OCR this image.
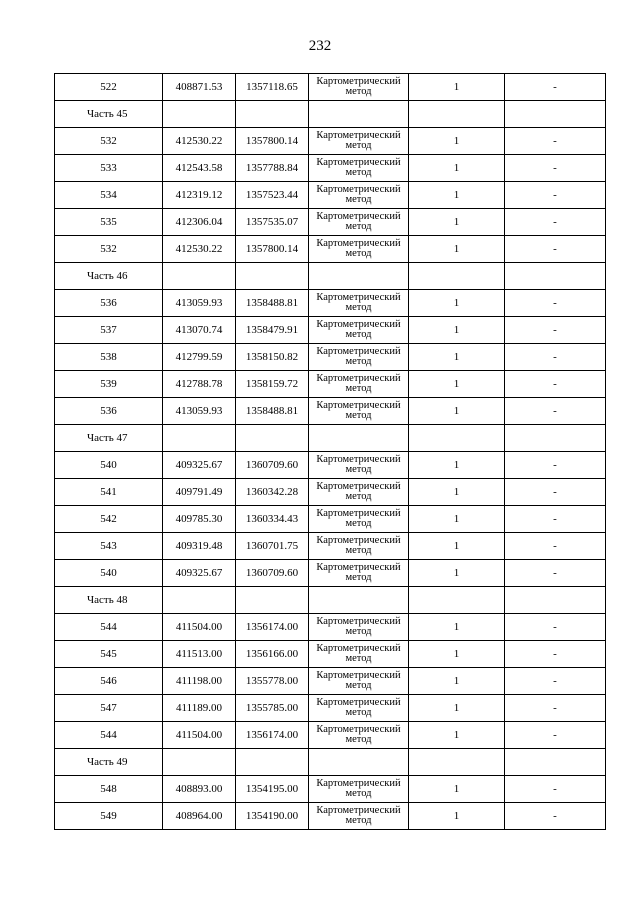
232
522	408871.53	1357118.65	Картометрический метод	1	-
Часть 45					
532	412530.22	1357800.14	Картометрический метод	1	-
533	412543.58	1357788.84	Картометрический метод	1	-
534	412319.12	1357523.44	Картометрический метод	1	-
535	412306.04	1357535.07	Картометрический метод	1	-
532	412530.22	1357800.14	Картометрический метод	1	-
Часть 46					
536	413059.93	1358488.81	Картометрический метод	1	-
537	413070.74	1358479.91	Картометрический метод	1	-
538	412799.59	1358150.82	Картометрический метод	1	-
539	412788.78	1358159.72	Картометрический метод	1	-
536	413059.93	1358488.81	Картометрический метод	1	-
Часть 47					
540	409325.67	1360709.60	Картометрический метод	1	-
541	409791.49	1360342.28	Картометрический метод	1	-
542	409785.30	1360334.43	Картометрический метод	1	-
543	409319.48	1360701.75	Картометрический метод	1	-
540	409325.67	1360709.60	Картометрический метод	1	-
Часть 48					
544	411504.00	1356174.00	Картометрический метод	1	-
545	411513.00	1356166.00	Картометрический метод	1	-
546	411198.00	1355778.00	Картометрический метод	1	-
547	411189.00	1355785.00	Картометрический метод	1	-
544	411504.00	1356174.00	Картометрический метод	1	-
Часть 49					
548	408893.00	1354195.00	Картометрический метод	1	-
549	408964.00	1354190.00	Картометрический метод	1	-
